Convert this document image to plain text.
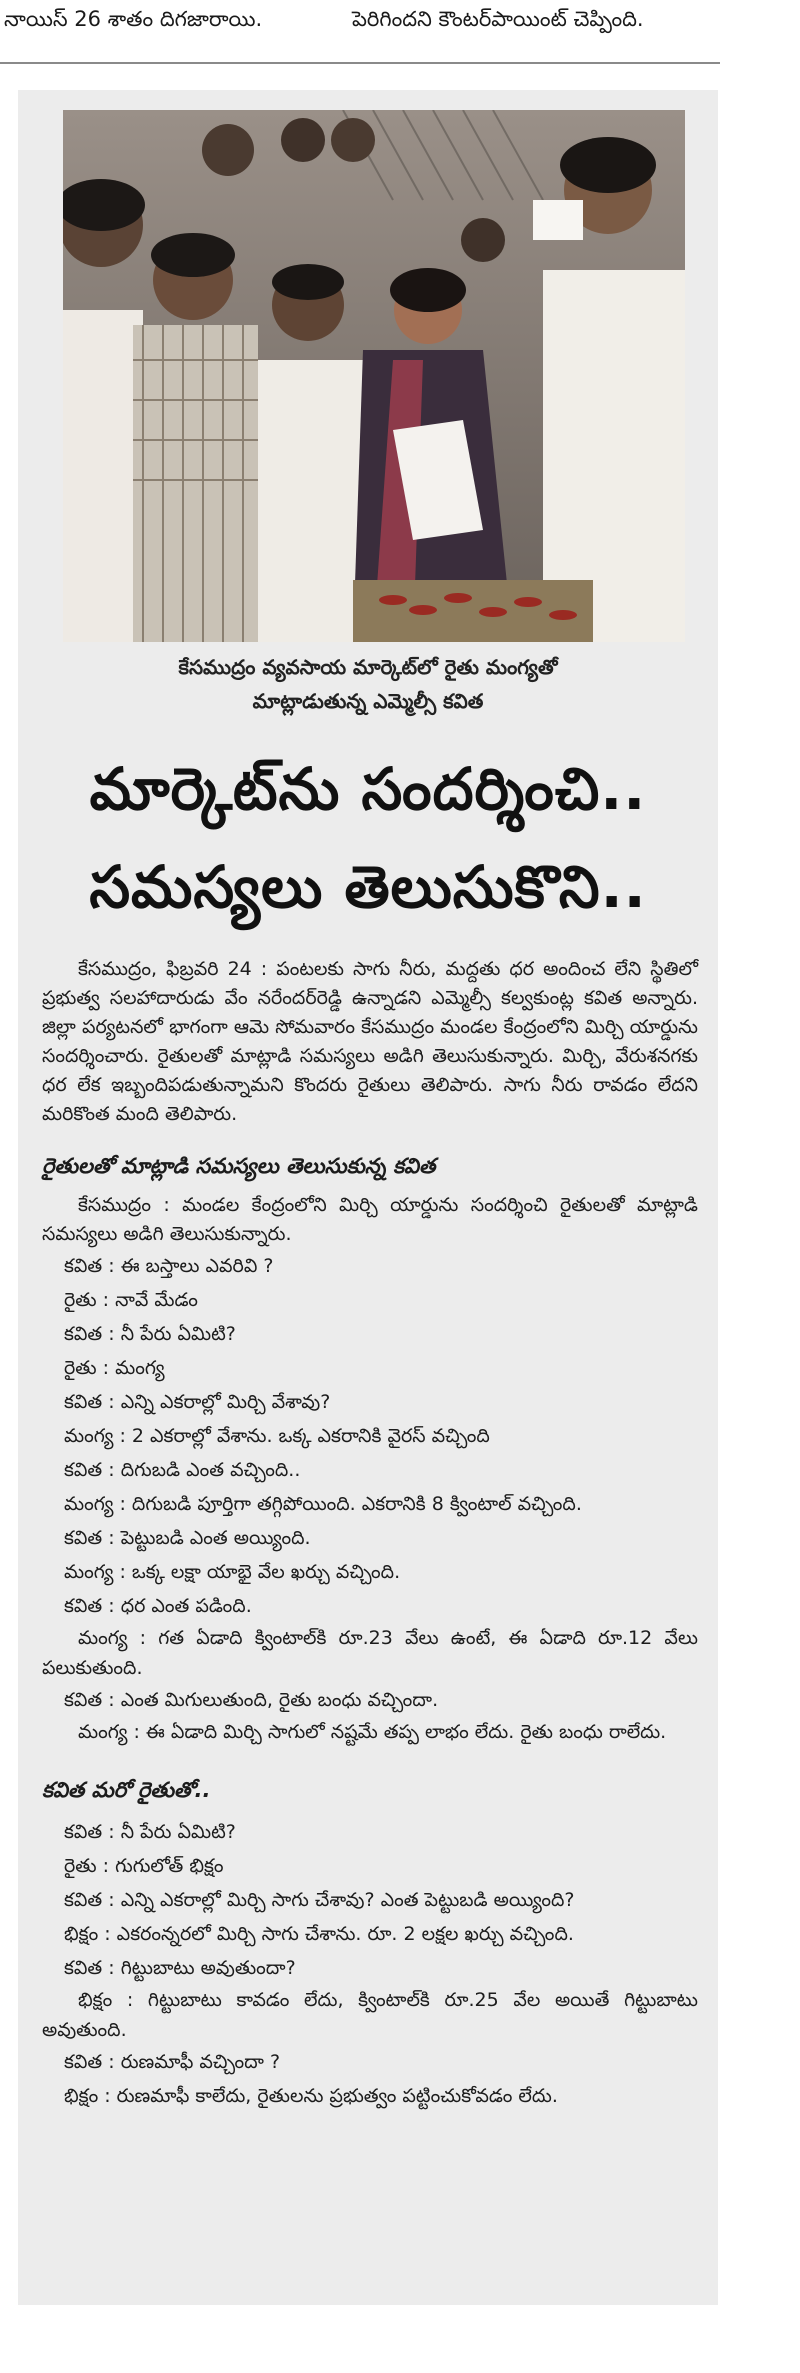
నాయిస్ 26 శాతం దిగజారాయి.	పెరిగిందని కౌంటర్‌పాయింట్ చెప్పింది.
కేసముద్రం వ్యవసాయ మార్కెట్‌లో రైతు మంగ్యతో
మాట్లాడుతున్న ఎమ్మెల్సీ కవిత
మార్కెట్‌ను సందర్శించి..
సమస్యలు తెలుసుకొని..

కేసముద్రం, ఫిబ్రవరి 24 : పంటలకు సాగు నీరు, మద్దతు ధర అందించ లేని స్థితిలో ప్రభుత్వ సలహాదారుడు వేం నరేందర్‌రెడ్డి ఉన్నాడని ఎమ్మెల్సీ కల్వకుంట్ల కవిత అన్నారు. జిల్లా పర్యటనలో భాగంగా ఆమె సోమవారం కేసముద్రం మండల కేంద్రంలోని మిర్చి యార్డును సందర్శించారు. రైతులతో మాట్లాడి సమస్యలు అడిగి తెలుసుకున్నారు. మిర్చి, వేరుశనగకు ధర లేక ఇబ్బందిపడుతున్నామని కొందరు రైతులు తెలిపారు. సాగు నీరు రావడం లేదని మరికొంత మంది తెలిపారు.

రైతులతో మాట్లాడి సమస్యలు తెలుసుకున్న కవిత

కేసముద్రం : మండల కేంద్రంలోని మిర్చి యార్డును సందర్శించి రైతులతో మాట్లాడి సమస్యలు అడిగి తెలుసుకున్నారు.

కవిత : ఈ బస్తాలు ఎవరివి ?

రైతు : నావే మేడం

కవిత : నీ పేరు ఏమిటి?

రైతు : మంగ్య

కవిత : ఎన్ని ఎకరాల్లో మిర్చి వేశావు?

మంగ్య : 2 ఎకరాల్లో వేశాను. ఒక్క ఎకరానికి వైరస్ వచ్చింది

కవిత : దిగుబడి ఎంత వచ్చింది..

మంగ్య : దిగుబడి పూర్తిగా తగ్గిపోయింది. ఎకరానికి 8 క్వింటాల్ వచ్చింది.

కవిత : పెట్టుబడి ఎంత అయ్యింది.

మంగ్య : ఒక్క లక్షా యాభై వేల ఖర్చు వచ్చింది.

కవిత : ధర ఎంత పడింది.

మంగ్య : గత ఏడాది క్వింటాల్‌కి రూ.23 వేలు ఉంటే, ఈ ఏడాది రూ.12 వేలు పలుకుతుంది.

కవిత : ఎంత మిగులుతుంది, రైతు బంధు వచ్చిందా.

మంగ్య : ఈ ఏడాది మిర్చి సాగులో నష్టమే తప్ప లాభం లేదు. రైతు బంధు రాలేదు.

కవిత మరో రైతుతో..

కవిత : నీ పేరు ఏమిటి?

రైతు : గుగులోత్ భిక్షం

కవిత : ఎన్ని ఎకరాల్లో మిర్చి సాగు చేశావు? ఎంత పెట్టుబడి అయ్యింది?

భిక్షం : ఎకరంన్నరలో మిర్చి సాగు చేశాను. రూ. 2 లక్షల ఖర్చు వచ్చింది.

కవిత : గిట్టుబాటు అవుతుందా?

భిక్షం : గిట్టుబాటు కావడం లేదు, క్వింటాల్‌కి రూ.25 వేల అయితే గిట్టుబాటు అవుతుంది.

కవిత : రుణమాఫీ వచ్చిందా ?

భిక్షం : రుణమాఫీ కాలేదు, రైతులను ప్రభుత్వం పట్టించుకోవడం లేదు.
